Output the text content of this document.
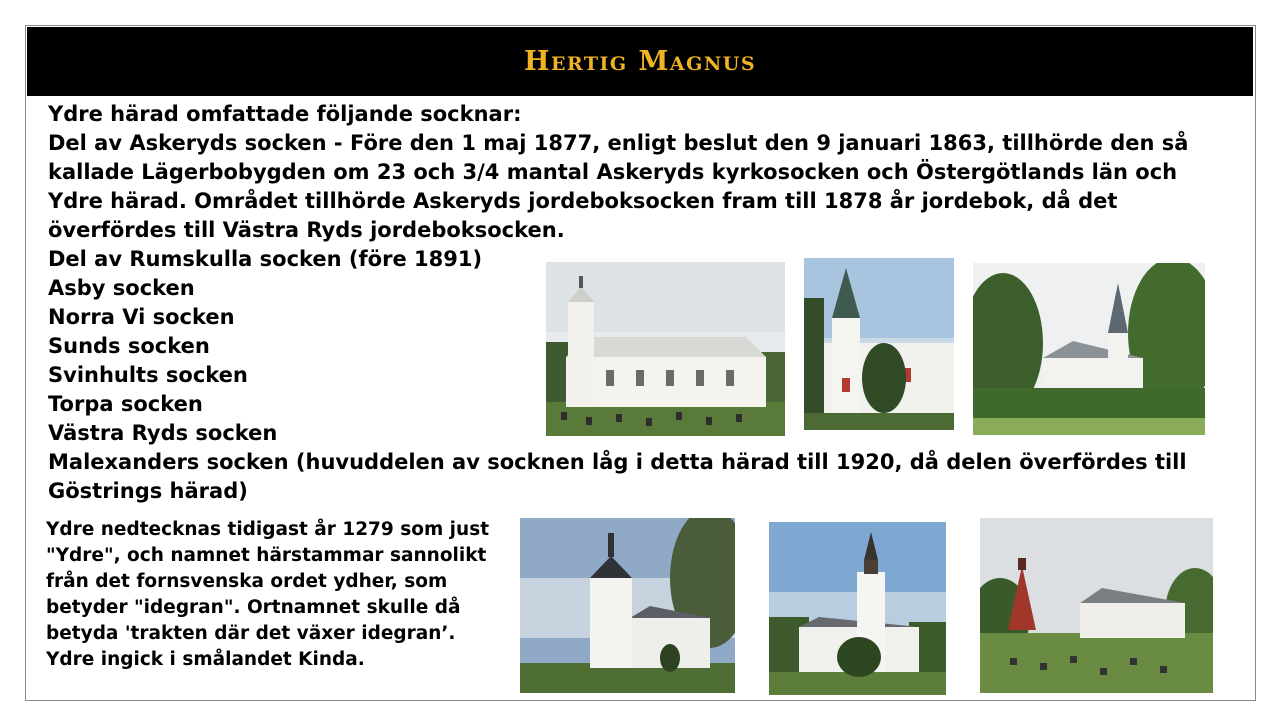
Hertig Magnus

Ydre härad omfattade följande socknar:

Del av Askeryds socken - Före den 1 maj 1877, enligt beslut den 9 januari 1863, tillhörde den så kallade Lägerbobygden om 23 och 3/4 mantal Askeryds kyrkosocken och Östergötlands län och Ydre härad. Området tillhörde Askeryds jordeboksocken fram till 1878 år jordebok, då det överfördes till Västra Ryds jordeboksocken.

Del av Rumskulla socken (före 1891)

Asby socken

Norra Vi socken

Sunds socken

Svinhults socken

Torpa socken

Västra Ryds socken

Malexanders socken (huvuddelen av socknen låg i detta härad till 1920, då delen överfördes till Göstrings härad)

Ydre nedtecknas tidigast år 1279 som just "Ydre", och namnet härstammar sannolikt från det fornsvenska ordet ydher, som betyder "idegran". Ortnamnet skulle då betyda 'trakten där det växer idegran’. Ydre ingick i smålandet Kinda.
